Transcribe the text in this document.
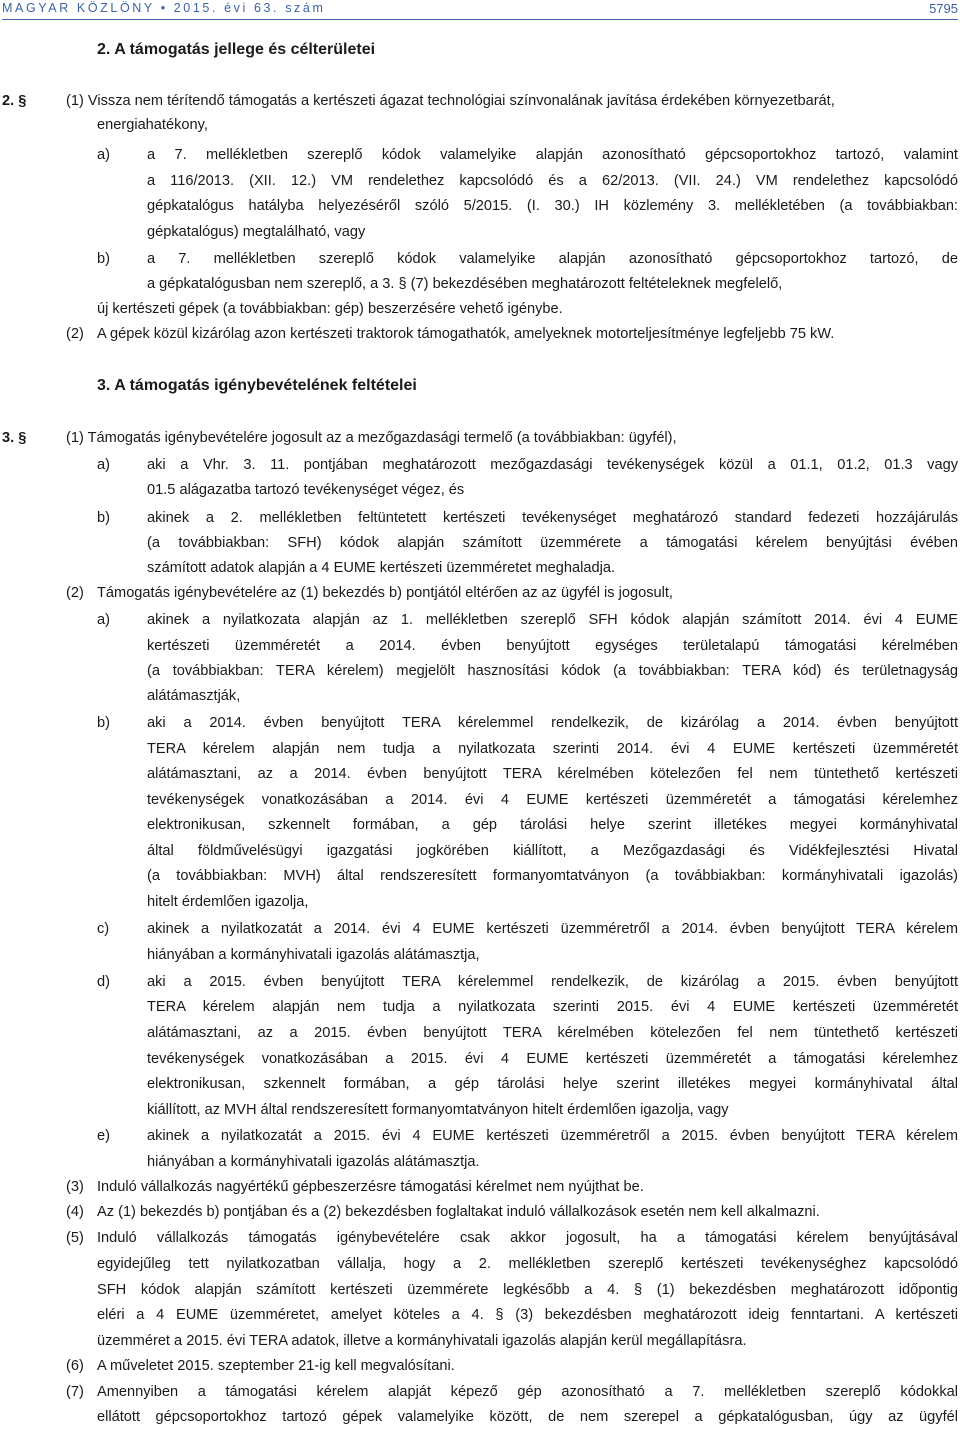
MAGYAR KÖZLÖNY • 2015. évi 63. szám	5795
2. A támogatás jellege és célterületei
2. §	(1) Vissza nem térítendő támogatás a kertészeti ágazat technológiai színvonalának javítása érdekében környezetbarát,
energiahatékony,
a)	a 7. mellékletben szereplő kódok valamelyike alapján azonosítható gépcsoportokhoz tartozó, valamint
a 116/2013. (XII. 12.) VM rendelethez kapcsolódó és a 62/2013. (VII. 24.) VM rendelethez kapcsolódó
gépkatalógus hatályba helyezéséről szóló 5/2015. (I. 30.) IH közlemény 3. mellékletében (a továbbiakban:
gépkatalógus) megtalálható, vagy
b)	a 7. mellékletben szereplő kódok valamelyike alapján azonosítható gépcsoportokhoz tartozó, de
a gépkatalógusban nem szereplő, a 3. § (7) bekezdésében meghatározott feltételeknek megfelelő,
új kertészeti gépek (a továbbiakban: gép) beszerzésére vehető igénybe.
(2) A gépek közül kizárólag azon kertészeti traktorok támogathatók, amelyeknek motorteljesítménye legfeljebb 75 kW.
3. A támogatás igénybevételének feltételei
3. §	(1) Támogatás igénybevételére jogosult az a mezőgazdasági termelő (a továbbiakban: ügyfél),
a)	aki a Vhr. 3. 11. pontjában meghatározott mezőgazdasági tevékenységek közül a 01.1, 01.2, 01.3 vagy
01.5 alágazatba tartozó tevékenységet végez, és
b)	akinek a 2. mellékletben feltüntetett kertészeti tevékenységet meghatározó standard fedezeti hozzájárulás
(a továbbiakban: SFH) kódok alapján számított üzemmérete a támogatási kérelem benyújtási évében
számított adatok alapján a 4 EUME kertészeti üzemméretet meghaladja.
(2) Támogatás igénybevételére az (1) bekezdés b) pontjától eltérően az az ügyfél is jogosult,
a)	akinek a nyilatkozata alapján az 1. mellékletben szereplő SFH kódok alapján számított 2014. évi 4 EUME
kertészeti üzemméretét a 2014. évben benyújtott egységes területalapú támogatási kérelmében
(a továbbiakban: TERA kérelem) megjelölt hasznosítási kódok (a továbbiakban: TERA kód) és területnagyság
alátámasztják,
b)	aki a 2014. évben benyújtott TERA kérelemmel rendelkezik, de kizárólag a 2014. évben benyújtott
TERA kérelem alapján nem tudja a nyilatkozata szerinti 2014. évi 4 EUME kertészeti üzemméretét
alátámasztani, az a 2014. évben benyújtott TERA kérelmében kötelezően fel nem tüntethető kertészeti
tevékenységek vonatkozásában a 2014. évi 4 EUME kertészeti üzemméretét a támogatási kérelemhez
elektronikusan, szkennelt formában, a gép tárolási helye szerint illetékes megyei kormányhivatal
által földművelésügyi igazgatási jogkörében kiállított, a Mezőgazdasági és Vidékfejlesztési Hivatal
(a továbbiakban: MVH) által rendszeresített formanyomtatványon (a továbbiakban: kormányhivatali igazolás)
hitelt érdemlően igazolja,
c)	akinek a nyilatkozatát a 2014. évi 4 EUME kertészeti üzemméretről a 2014. évben benyújtott TERA kérelem
hiányában a kormányhivatali igazolás alátámasztja,
d)	aki a 2015. évben benyújtott TERA kérelemmel rendelkezik, de kizárólag a 2015. évben benyújtott
TERA kérelem alapján nem tudja a nyilatkozata szerinti 2015. évi 4 EUME kertészeti üzemméretét
alátámasztani, az a 2015. évben benyújtott TERA kérelmében kötelezően fel nem tüntethető kertészeti
tevékenységek vonatkozásában a 2015. évi 4 EUME kertészeti üzemméretét a támogatási kérelemhez
elektronikusan, szkennelt formában, a gép tárolási helye szerint illetékes megyei kormányhivatal által
kiállított, az MVH által rendszeresített formanyomtatványon hitelt érdemlően igazolja, vagy
e)	akinek a nyilatkozatát a 2015. évi 4 EUME kertészeti üzemméretről a 2015. évben benyújtott TERA kérelem
hiányában a kormányhivatali igazolás alátámasztja.
(3) Induló vállalkozás nagyértékű gépbeszerzésre támogatási kérelmet nem nyújthat be.
(4) Az (1) bekezdés b) pontjában és a (2) bekezdésben foglaltakat induló vállalkozások esetén nem kell alkalmazni.
(5) Induló vállalkozás támogatás igénybevételére csak akkor jogosult, ha a támogatási kérelem benyújtásával
egyidejűleg tett nyilatkozatban vállalja, hogy a 2. mellékletben szereplő kertészeti tevékenységhez kapcsolódó
SFH kódok alapján számított kertészeti üzemmérete legkésőbb a 4. § (1) bekezdésben meghatározott időpontig
eléri a 4 EUME üzemméretet, amelyet köteles a 4. § (3) bekezdésben meghatározott ideig fenntartani. A kertészeti
üzemméret a 2015. évi TERA adatok, illetve a kormányhivatali igazolás alapján kerül megállapításra.
(6) A műveletet 2015. szeptember 21-ig kell megvalósítani.
(7) Amennyiben a támogatási kérelem alapját képező gép azonosítható a 7. mellékletben szereplő kódokkal
ellátott gépcsoportokhoz tartozó gépek valamelyike között, de nem szerepel a gépkatalógusban, úgy az ügyfél
